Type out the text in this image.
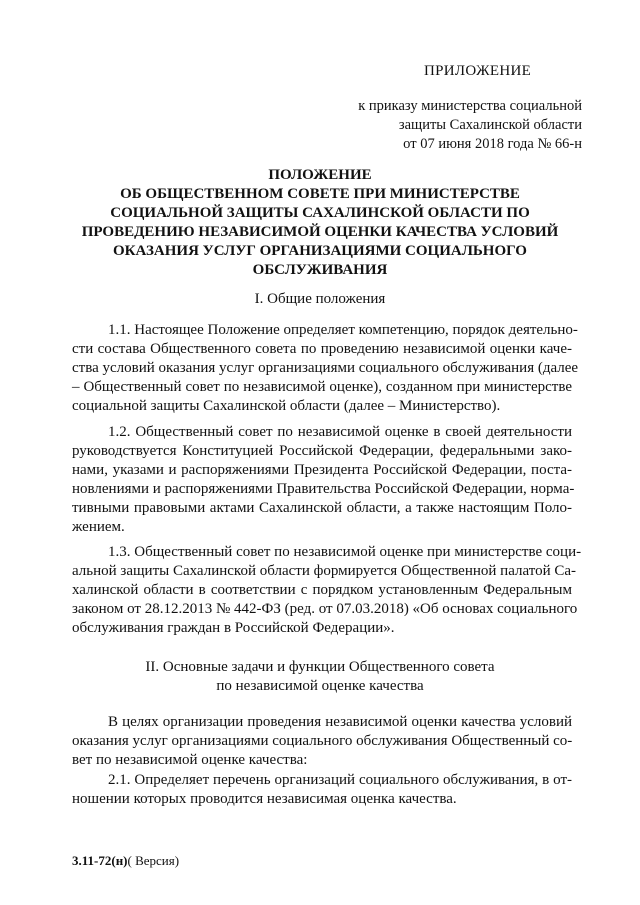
ПРИЛОЖЕНИЕ
к приказу министерства социальной
защиты Сахалинской области
от 07 июня 2018 года № 66-н
ПОЛОЖЕНИЕ
ОБ ОБЩЕСТВЕННОМ СОВЕТЕ ПРИ МИНИСТЕРСТВЕ
СОЦИАЛЬНОЙ ЗАЩИТЫ САХАЛИНСКОЙ ОБЛАСТИ ПО
ПРОВЕДЕНИЮ НЕЗАВИСИМОЙ ОЦЕНКИ КАЧЕСТВА УСЛОВИЙ
ОКАЗАНИЯ УСЛУГ ОРГАНИЗАЦИЯМИ СОЦИАЛЬНОГО
ОБСЛУЖИВАНИЯ
I. Общие положения
1.1. Настоящее Положение определяет компетенцию, порядок деятельно-
сти состава Общественного совета по проведению независимой оценки каче-
ства условий оказания услуг организациями социального обслуживания (далее
– Общественный совет по независимой оценке), созданном при министерстве
социальной защиты Сахалинской области (далее – Министерство).
1.2. Общественный совет по независимой оценке в своей деятельности
руководствуется Конституцией Российской Федерации, федеральными зако-
нами, указами и распоряжениями Президента Российской Федерации, поста-
новлениями и распоряжениями Правительства Российской Федерации, норма-
тивными правовыми актами Сахалинской области, а также настоящим Поло-
жением.
1.3. Общественный совет по независимой оценке при министерстве соци-
альной защиты Сахалинской области формируется Общественной палатой Са-
халинской области в соответствии с порядком установленным Федеральным
законом от 28.12.2013 № 442-ФЗ (ред. от 07.03.2018) «Об основах социального
обслуживания граждан в Российской Федерации».
II. Основные задачи и функции Общественного совета
по независимой оценке качества
В целях организации проведения независимой оценки качества условий
оказания услуг организациями социального обслуживания Общественный со-
вет по независимой оценке качества:
2.1. Определяет перечень организаций социального обслуживания, в от-
ношении которых проводится независимая оценка качества.
3.11-72(н)( Версия)
